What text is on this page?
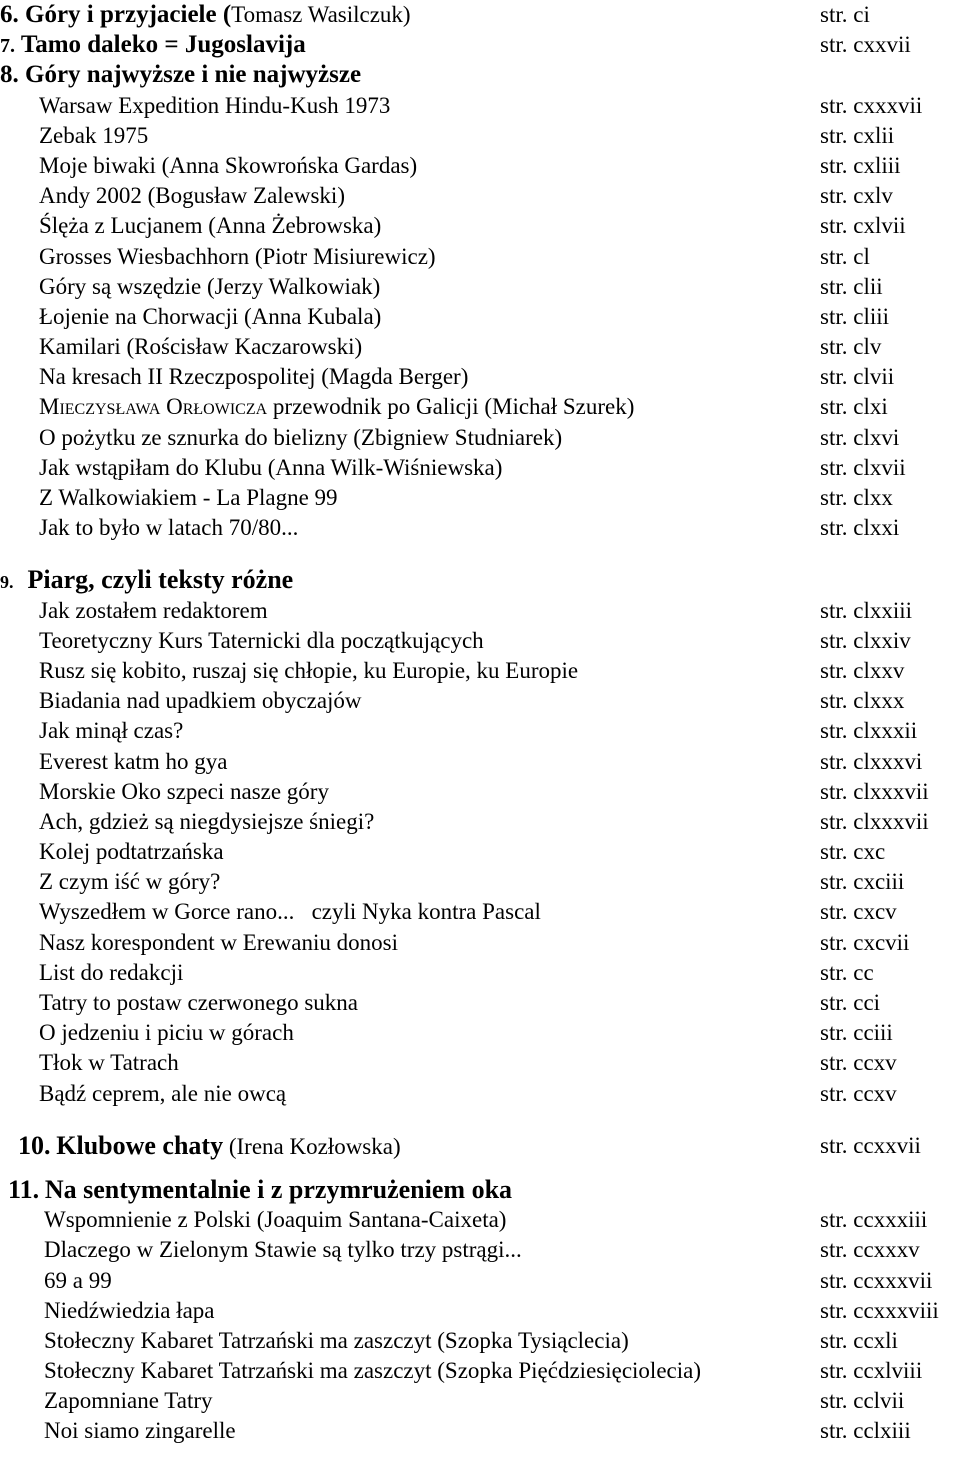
6. Góry i przyjaciele (Tomasz Wasilczuk)	str. ci
7. Tamo daleko = Jugoslavija	str. cxxvii
8. Góry najwyższe i nie najwyższe
Warsaw Expedition Hindu-Kush 1973	str. cxxxvii
Zebak 1975	str. cxlii
Moje biwaki (Anna Skowrońska Gardas)	str. cxliii
Andy 2002 (Bogusław Zalewski)	str. cxlv
Ślęża z Lucjanem (Anna Żebrowska)	str. cxlvii
Grosses Wiesbachhorn (Piotr Misiurewicz)	str. cl
Góry są wszędzie (Jerzy Walkowiak)	str. clii
Łojenie na Chorwacji (Anna Kubala)	str. cliii
Kamilari (Rościsław Kaczarowski)	str. clv
Na kresach II Rzeczpospolitej (Magda Berger)	str. clvii
Mieczysława Orłowicza przewodnik po Galicji (Michał Szurek)	str. clxi
O pożytku ze sznurka do bielizny (Zbigniew Studniarek)	str. clxvi
Jak wstąpiłam do Klubu (Anna Wilk-Wiśniewska)	str. clxvii
Z Walkowiakiem - La Plagne 99	str. clxx
Jak to było w latach 70/80...	str. clxxi
9. Piarg, czyli teksty różne
Jak zostałem redaktorem	str. clxxiii
Teoretyczny Kurs Taternicki dla początkujących	str. clxxiv
Rusz się kobito, ruszaj się chłopie, ku Europie, ku Europie	str. clxxv
Biadania nad upadkiem obyczajów	str. clxxx
Jak minął czas?	str. clxxxii
Everest katm ho gya	str. clxxxvi
Morskie Oko szpeci nasze góry	str. clxxxvii
Ach, gdzież są niegdysiejsze śniegi?	str. clxxxvii
Kolej podtatrzańska	str. cxc
Z czym iść w góry?	str. cxciii
Wyszedłem w Gorce rano...   czyli Nyka kontra Pascal	str. cxcv
Nasz korespondent w Erewaniu donosi	str. cxcvii
List do redakcji	str. cc
Tatry to postaw czerwonego sukna	str. cci
O jedzeniu i piciu w górach	str. cciii
Tłok w Tatrach	str. ccxv
Bądź ceprem, ale nie owcą	str. ccxv
10. Klubowe chaty (Irena Kozłowska)	str. ccxxvii
11. Na sentymentalnie i z przymrużeniem oka
Wspomnienie z Polski (Joaquim Santana-Caixeta)	str. ccxxxiii
Dlaczego w Zielonym Stawie są tylko trzy pstrągi...	str. ccxxxv
69 a 99	str. ccxxxvii
Niedźwiedzia łapa	str. ccxxxviii
Stołeczny Kabaret Tatrzański ma zaszczyt (Szopka Tysiąclecia)	str. ccxli
Stołeczny Kabaret Tatrzański ma zaszczyt (Szopka Pięćdziesięciolecia)	str. ccxlviii
Zapomniane Tatry	str. cclvii
Noi siamo zingarelle	str. cclxiii
